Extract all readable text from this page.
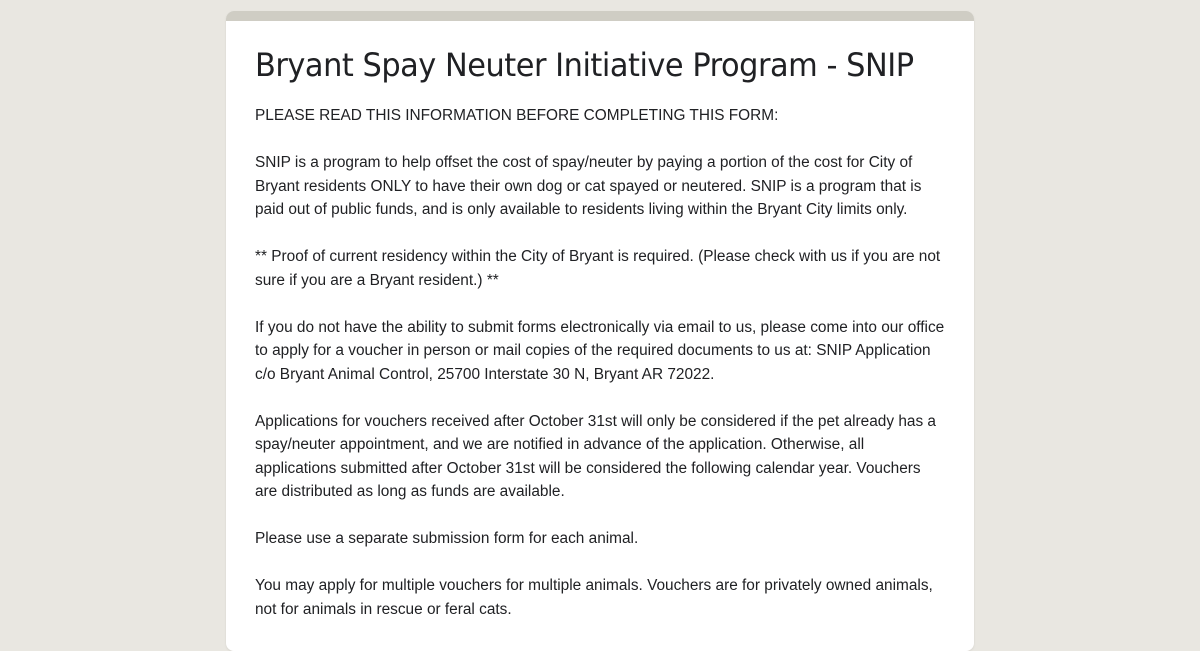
Bryant Spay Neuter Initiative Program - SNIP

PLEASE READ THIS INFORMATION BEFORE COMPLETING THIS FORM:

SNIP is a program to help offset the cost of spay/neuter by paying a portion of the cost for City of Bryant residents ONLY to have their own dog or cat spayed or neutered. SNIP is a program that is paid out of public funds, and is only available to residents living within the Bryant City limits only.

** Proof of current residency within the City of Bryant is required. (Please check with us if you are not sure if you are a Bryant resident.) **

If you do not have the ability to submit forms electronically via email to us, please come into our office to apply for a voucher in person or mail copies of the required documents to us at: SNIP Application c/o Bryant Animal Control, 25700 Interstate 30 N, Bryant AR 72022.

Applications for vouchers received after October 31st will only be considered if the pet already has a spay/neuter appointment, and we are notified in advance of the application. Otherwise, all applications submitted after October 31st will be considered the following calendar year. Vouchers are distributed as long as funds are available.

Please use a separate submission form for each animal.

You may apply for multiple vouchers for multiple animals. Vouchers are for privately owned animals, not for animals in rescue or feral cats.
